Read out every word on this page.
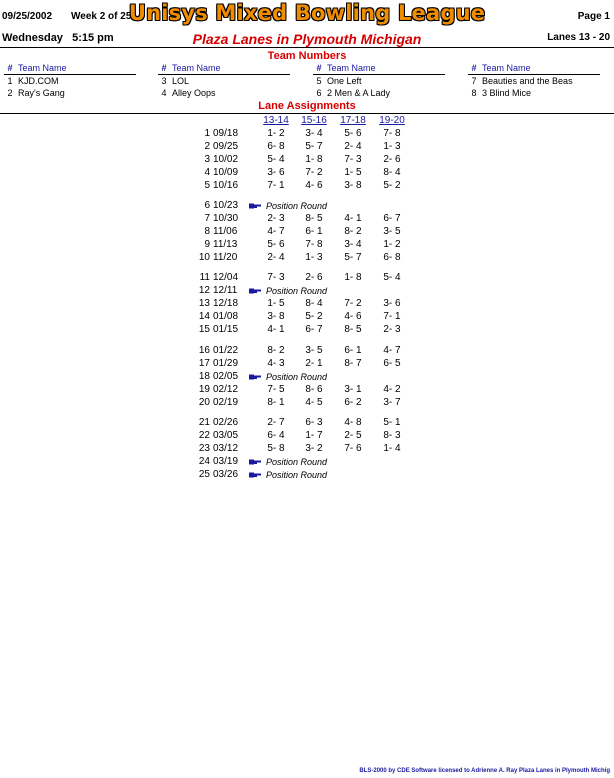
09/25/2002 Week 2 of 25
Unisys Mixed Bowling League	Page 1
Wednesday   5:15 pm	Plaza Lanes in Plymouth Michigan	Lanes 13 - 20
Team Numbers
# Team Name
1 KJD.COM
2 Ray's Gang
# Team Name
3 LOL
4 Alley Oops
# Team Name
5 One Left
6 2 Men & A Lady
# Team Name
7 Beauties and the Beas
8 3 Blind Mice
Lane Assignments
13-14	15-16	17-18	19-20
1 09/18	1- 2	3- 4	5- 6	7- 8
2 09/25	6- 8	5- 7	2- 4	1- 3
3 10/02	5- 4	1- 8	7- 3	2- 6
4 10/09	3- 6	7- 2	1- 5	8- 4
5 10/16	7- 1	4- 6	3- 8	5- 2
6 10/23	Position Round
7 10/30	2- 3	8- 5	4- 1	6- 7
8 11/06	4- 7	6- 1	8- 2	3- 5
9 11/13	5- 6	7- 8	3- 4	1- 2
10 11/20	2- 4	1- 3	5- 7	6- 8
11 12/04	7- 3	2- 6	1- 8	5- 4
12 12/11	Position Round
13 12/18	1- 5	8- 4	7- 2	3- 6
14 01/08	3- 8	5- 2	4- 6	7- 1
15 01/15	4- 1	6- 7	8- 5	2- 3
16 01/22	8- 2	3- 5	6- 1	4- 7
17 01/29	4- 3	2- 1	8- 7	6- 5
18 02/05	Position Round
19 02/12	7- 5	8- 6	3- 1	4- 2
20 02/19	8- 1	4- 5	6- 2	3- 7
21 02/26	2- 7	6- 3	4- 8	5- 1
22 03/05	6- 4	1- 7	2- 5	8- 3
23 03/12	5- 8	3- 2	7- 6	1- 4
24 03/19	Position Round
25 03/26	Position Round
BLS-2000 by CDE Software licensed to Adrienne A. Ray Plaza Lanes in Plymouth Michig
